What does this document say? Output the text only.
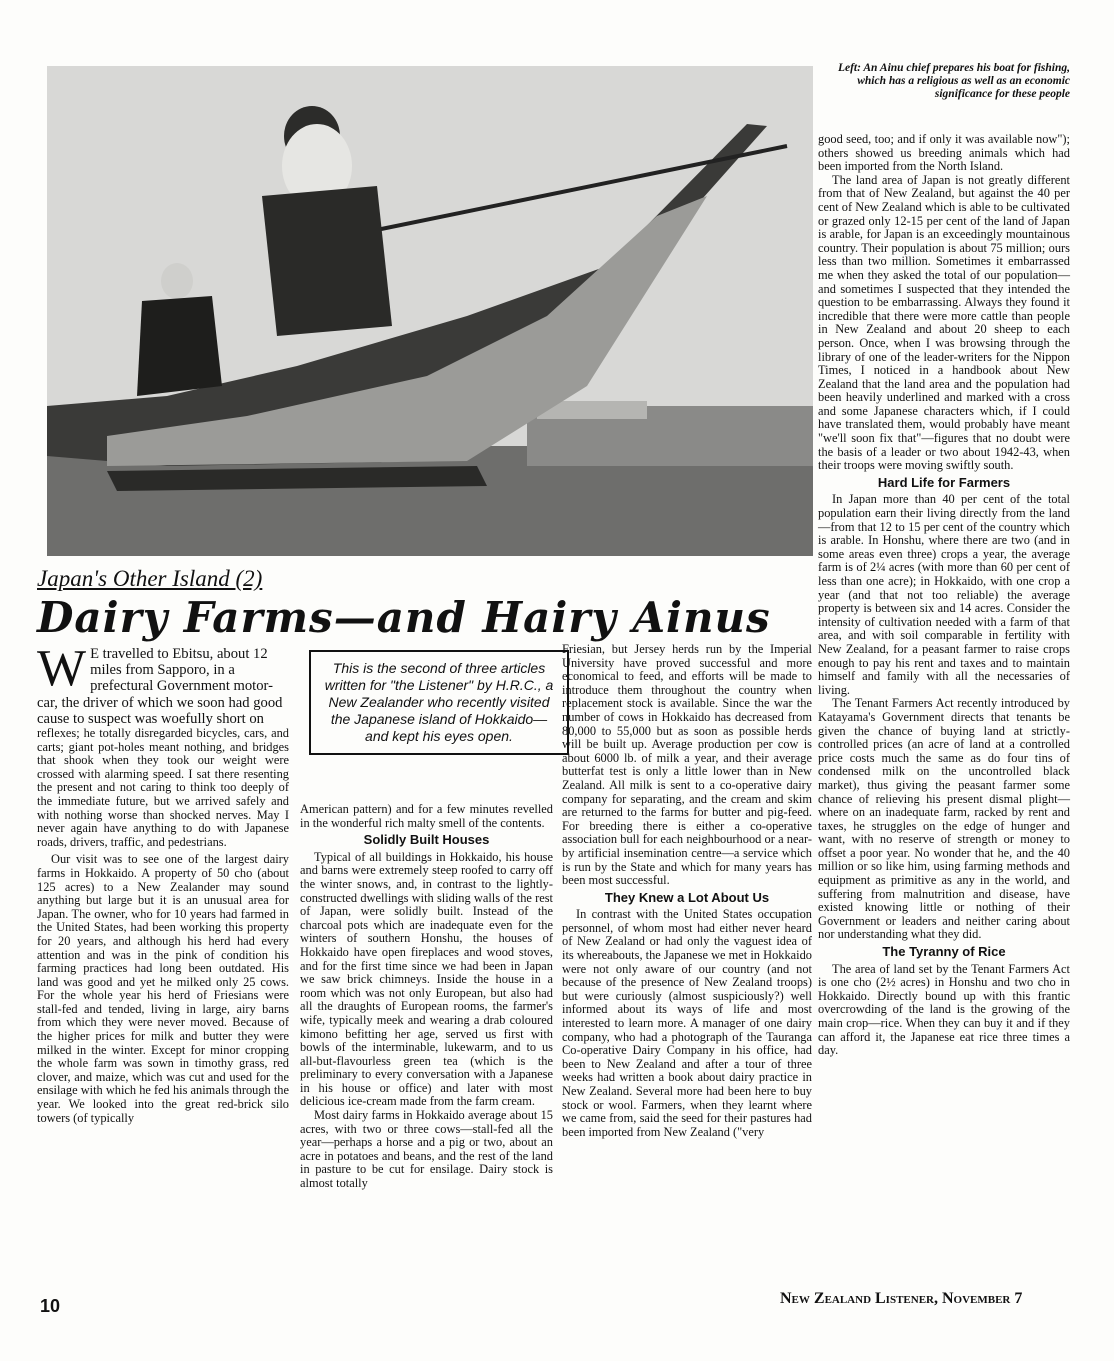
Left: An Ainu chief prepares his boat for fishing, which has a religious as well as an economic significance for these people

Japan's Other Island (2)
Dairy Farms—and Hairy Ainus
W E travelled to Ebitsu, about 12 miles from Sapporo, in a prefectural Government motor-car, the driver of which we soon had good cause to suspect was woefully short on

reflexes; he totally disregarded bicycles, cars, and carts; giant pot-holes meant nothing, and bridges that shook when they took our weight were crossed with alarming speed. I sat there resenting the present and not caring to think too deeply of the immediate future, but we arrived safely and with nothing worse than shocked nerves. May I never again have anything to do with Japanese roads, drivers, traffic, and pedestrians.

Our visit was to see one of the largest dairy farms in Hokkaido. A property of 50 cho (about 125 acres) to a New Zealander may sound anything but large but it is an unusual area for Japan. The owner, who for 10 years had farmed in the United States, had been working this property for 20 years, and although his herd had every attention and was in the pink of condition his farming practices had long been outdated. His land was good and yet he milked only 25 cows. For the whole year his herd of Friesians were stall-fed and tended, living in large, airy barns from which they were never moved. Because of the higher prices for milk and butter they were milked in the winter. Except for minor cropping the whole farm was sown in timothy grass, red clover, and maize, which was cut and used for the ensilage with which he fed his animals through the year. We looked into the great red-brick silo towers (of typically

This is the second of three articles written for "the Listener" by H.R.C., a New Zealander who recently visited the Japanese island of Hokkaido—and kept his eyes open.

American pattern) and for a few minutes revelled in the wonderful rich malty smell of the contents.

Solidly Built Houses

Typical of all buildings in Hokkaido, his house and barns were extremely steep roofed to carry off the winter snows, and, in contrast to the lightly-constructed dwellings with sliding walls of the rest of Japan, were solidly built. Instead of the charcoal pots which are inadequate even for the winters of southern Honshu, the houses of Hokkaido have open fireplaces and wood stoves, and for the first time since we had been in Japan we saw brick chimneys. Inside the house in a room which was not only European, but also had all the draughts of European rooms, the farmer's wife, typically meek and wearing a drab coloured kimono befitting her age, served us first with bowls of the interminable, lukewarm, and to us all-but-flavourless green tea (which is the preliminary to every conversation with a Japanese in his house or office) and later with most delicious ice-cream made from the farm cream.

Most dairy farms in Hokkaido average about 15 acres, with two or three cows—stall-fed all the year—perhaps a horse and a pig or two, about an acre in potatoes and beans, and the rest of the land in pasture to be cut for ensilage. Dairy stock is almost totally

Friesian, but Jersey herds run by the Imperial University have proved successful and more economical to feed, and efforts will be made to introduce them throughout the country when replacement stock is available. Since the war the number of cows in Hokkaido has decreased from 80,000 to 55,000 but as soon as possible herds will be built up. Average production per cow is about 6000 lb. of milk a year, and their average butterfat test is only a little lower than in New Zealand. All milk is sent to a co-operative dairy company for separating, and the cream and skim are returned to the farms for butter and pig-feed. For breeding there is either a co-operative association bull for each neighbourhood or a near-by artificial insemination centre—a service which is run by the State and which for many years has been most successful.

They Knew a Lot About Us

In contrast with the United States occupation personnel, of whom most had either never heard of New Zealand or had only the vaguest idea of its whereabouts, the Japanese we met in Hokkaido were not only aware of our country (and not because of the presence of New Zealand troops) but were curiously (almost suspiciously?) well informed about its ways of life and most interested to learn more. A manager of one dairy company, who had a photograph of the Tauranga Co-operative Dairy Company in his office, had been to New Zealand and after a tour of three weeks had written a book about dairy practice in New Zealand. Several more had been here to buy stock or wool. Farmers, when they learnt where we came from, said the seed for their pastures had been imported from New Zealand ("very

good seed, too; and if only it was available now"); others showed us breeding animals which had been imported from the North Island.

The land area of Japan is not greatly different from that of New Zealand, but against the 40 per cent of New Zealand which is able to be cultivated or grazed only 12-15 per cent of the land of Japan is arable, for Japan is an exceedingly mountainous country. Their population is about 75 million; ours less than two million. Sometimes it embarrassed me when they asked the total of our population—and sometimes I suspected that they intended the question to be embarrassing. Always they found it incredible that there were more cattle than people in New Zealand and about 20 sheep to each person. Once, when I was browsing through the library of one of the leader-writers for the Nippon Times, I noticed in a handbook about New Zealand that the land area and the population had been heavily underlined and marked with a cross and some Japanese characters which, if I could have translated them, would probably have meant "we'll soon fix that"—figures that no doubt were the basis of a leader or two about 1942-43, when their troops were moving swiftly south.

Hard Life for Farmers

In Japan more than 40 per cent of the total population earn their living directly from the land—from that 12 to 15 per cent of the country which is arable. In Honshu, where there are two (and in some areas even three) crops a year, the average farm is of 2¼ acres (with more than 60 per cent of less than one acre); in Hokkaido, with one crop a year (and that not too reliable) the average property is between six and 14 acres. Consider the intensity of cultivation needed with a farm of that area, and with soil comparable in fertility with New Zealand, for a peasant farmer to raise crops enough to pay his rent and taxes and to maintain himself and family with all the necessaries of living.

The Tenant Farmers Act recently introduced by Katayama's Government directs that tenants be given the chance of buying land at strictly-controlled prices (an acre of land at a controlled price costs much the same as do four tins of condensed milk on the uncontrolled black market), thus giving the peasant farmer some chance of relieving his present dismal plight—where on an inadequate farm, racked by rent and taxes, he struggles on the edge of hunger and want, with no reserve of strength or money to offset a poor year. No wonder that he, and the 40 million or so like him, using farming methods and equipment as primitive as any in the world, and suffering from malnutrition and disease, have existed knowing little or nothing of their Government or leaders and neither caring about nor understanding what they did.

The Tyranny of Rice

The area of land set by the Tenant Farmers Act is one cho (2½ acres) in Honshu and two cho in Hokkaido. Directly bound up with this frantic overcrowding of the land is the growing of the main crop—rice. When they can buy it and if they can afford it, the Japanese eat rice three times a day.

10	New Zealand Listener, November 7
